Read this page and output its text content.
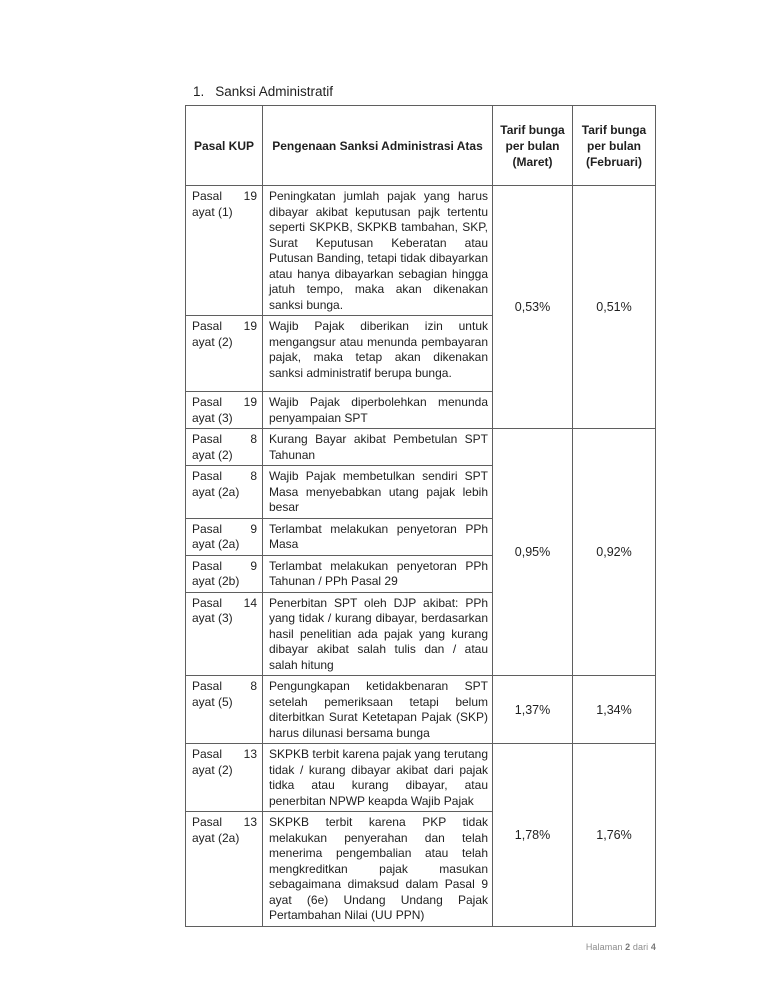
1. Sanksi Administratif
Pasal KUP	Pengenaan Sanksi Administrasi Atas	Tarif bunga per bulan (Maret)	Tarif bunga per bulan (Februari)

Pasal 19
ayat (1)
	Peningkatan jumlah pajak yang harus dibayar akibat keputusan pajk tertentu seperti SKPKB, SKPKB tambahan, SKP, Surat Keputusan Keberatan atau Putusan Banding, tetapi tidak dibayarkan atau hanya dibayarkan sebagian hingga jatuh tempo, maka akan dikenakan sanksi bunga.	0,53%	0,51%

Pasal 19
ayat (2)	Wajib Pajak diberikan izin untuk mengangsur atau menunda pembayaran pajak, maka tetap akan dikenakan sanksi administratif berupa bunga.		

Pasal 19
ayat (3)	Wajib Pajak diperbolehkan menunda penyampaian SPT		

Pasal 8
ayat (2)	Kurang Bayar akibat Pembetulan SPT Tahunan	0,95%	0,92%

Pasal 8
ayat (2a)	Wajib Pajak membetulkan sendiri SPT Masa menyebabkan utang pajak lebih besar		

Pasal 9
ayat (2a)	Terlambat melakukan penyetoran PPh Masa		

Pasal 9
ayat (2b)	Terlambat melakukan penyetoran PPh Tahunan / PPh Pasal 29		

Pasal 14
ayat (3)	Penerbitan SPT oleh DJP akibat: PPh yang tidak / kurang dibayar, berdasarkan hasil penelitian ada pajak yang kurang dibayar akibat salah tulis dan / atau salah hitung		

Pasal 8
ayat (5)	Pengungkapan ketidakbenaran SPT setelah pemeriksaan tetapi belum diterbitkan Surat Ketetapan Pajak (SKP) harus dilunasi bersama bunga	1,37%	1,34%

Pasal 13
ayat (2)	SKPKB terbit karena pajak yang terutang tidak / kurang dibayar akibat dari pajak tidka atau kurang dibayar, atau penerbitan NPWP keapda Wajib Pajak	1,78%	1,76%

Pasal 13
ayat (2a)
	SKPKB terbit karena PKP tidak melakukan penyerahan dan telah menerima pengembalian atau telah mengkreditkan pajak masukan sebagaimana dimaksud dalam Pasal 9 ayat (6e) Undang Undang Pajak Pertambahan Nilai (UU PPN)
Halaman 2 dari 4
